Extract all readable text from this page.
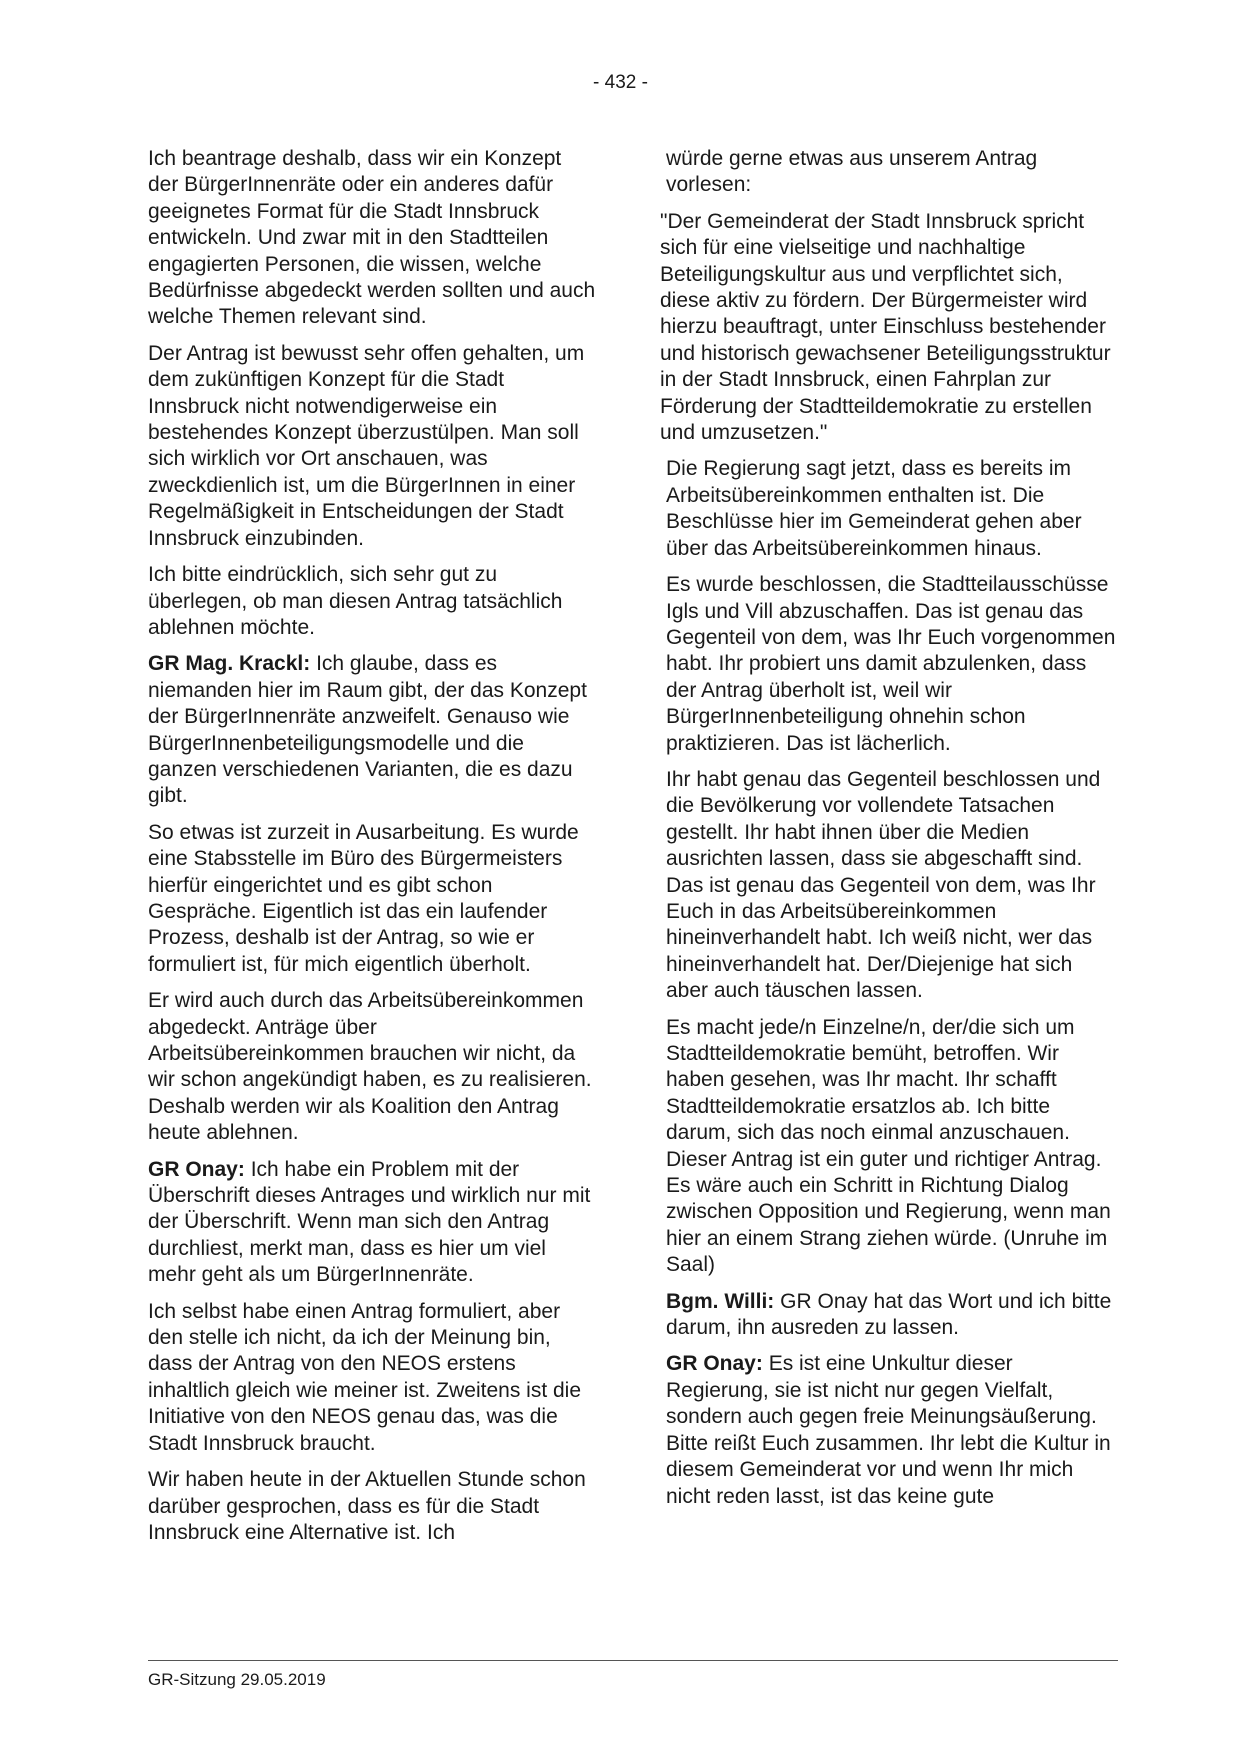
- 432 -

Ich beantrage deshalb, dass wir ein Konzept der BürgerInnenräte oder ein anderes dafür geeignetes Format für die Stadt Innsbruck entwickeln. Und zwar mit in den Stadtteilen engagierten Personen, die wissen, welche Bedürfnisse abgedeckt werden sollten und auch welche Themen relevant sind.

Der Antrag ist bewusst sehr offen gehalten, um dem zukünftigen Konzept für die Stadt Innsbruck nicht notwendigerweise ein bestehendes Konzept überzustülpen. Man soll sich wirklich vor Ort anschauen, was zweckdienlich ist, um die BürgerInnen in einer Regelmäßigkeit in Entscheidungen der Stadt Innsbruck einzubinden.

Ich bitte eindrücklich, sich sehr gut zu überlegen, ob man diesen Antrag tatsächlich ablehnen möchte.

GR Mag. Krackl: Ich glaube, dass es niemanden hier im Raum gibt, der das Konzept der BürgerInnenräte anzweifelt. Genauso wie BürgerInnenbeteiligungsmodelle und die ganzen verschiedenen Varianten, die es dazu gibt.

So etwas ist zurzeit in Ausarbeitung. Es wurde eine Stabsstelle im Büro des Bürgermeisters hierfür eingerichtet und es gibt schon Gespräche. Eigentlich ist das ein laufender Prozess, deshalb ist der Antrag, so wie er formuliert ist, für mich eigentlich überholt.

Er wird auch durch das Arbeitsübereinkommen abgedeckt. Anträge über Arbeitsübereinkommen brauchen wir nicht, da wir schon angekündigt haben, es zu realisieren. Deshalb werden wir als Koalition den Antrag heute ablehnen.

GR Onay: Ich habe ein Problem mit der Überschrift dieses Antrages und wirklich nur mit der Überschrift. Wenn man sich den Antrag durchliest, merkt man, dass es hier um viel mehr geht als um BürgerInnenräte.

Ich selbst habe einen Antrag formuliert, aber den stelle ich nicht, da ich der Meinung bin, dass der Antrag von den NEOS erstens inhaltlich gleich wie meiner ist. Zweitens ist die Initiative von den NEOS genau das, was die Stadt Innsbruck braucht.

Wir haben heute in der Aktuellen Stunde schon darüber gesprochen, dass es für die Stadt Innsbruck eine Alternative ist. Ich

würde gerne etwas aus unserem Antrag vorlesen:

"Der Gemeinderat der Stadt Innsbruck spricht sich für eine vielseitige und nachhaltige Beteiligungskultur aus und verpflichtet sich, diese aktiv zu fördern. Der Bürgermeister wird hierzu beauftragt, unter Einschluss bestehender und historisch gewachsener Beteiligungsstruktur in der Stadt Innsbruck, einen Fahrplan zur Förderung der Stadtteildemokratie zu erstellen und umzusetzen."

Die Regierung sagt jetzt, dass es bereits im Arbeitsübereinkommen enthalten ist. Die Beschlüsse hier im Gemeinderat gehen aber über das Arbeitsübereinkommen hinaus.

Es wurde beschlossen, die Stadtteilausschüsse Igls und Vill abzuschaffen. Das ist genau das Gegenteil von dem, was Ihr Euch vorgenommen habt. Ihr probiert uns damit abzulenken, dass der Antrag überholt ist, weil wir BürgerInnenbeteiligung ohnehin schon praktizieren. Das ist lächerlich.

Ihr habt genau das Gegenteil beschlossen und die Bevölkerung vor vollendete Tatsachen gestellt. Ihr habt ihnen über die Medien ausrichten lassen, dass sie abgeschafft sind. Das ist genau das Gegenteil von dem, was Ihr Euch in das Arbeitsübereinkommen hineinverhandelt habt. Ich weiß nicht, wer das hineinverhandelt hat. Der/Diejenige hat sich aber auch täuschen lassen.

Es macht jede/n Einzelne/n, der/die sich um Stadtteildemokratie bemüht, betroffen. Wir haben gesehen, was Ihr macht. Ihr schafft Stadtteildemokratie ersatzlos ab. Ich bitte darum, sich das noch einmal anzuschauen. Dieser Antrag ist ein guter und richtiger Antrag. Es wäre auch ein Schritt in Richtung Dialog zwischen Opposition und Regierung, wenn man hier an einem Strang ziehen würde. (Unruhe im Saal)

Bgm. Willi: GR Onay hat das Wort und ich bitte darum, ihn ausreden zu lassen.

GR Onay: Es ist eine Unkultur dieser Regierung, sie ist nicht nur gegen Vielfalt, sondern auch gegen freie Meinungsäußerung. Bitte reißt Euch zusammen. Ihr lebt die Kultur in diesem Gemeinderat vor und wenn Ihr mich nicht reden lasst, ist das keine gute

GR-Sitzung 29.05.2019
